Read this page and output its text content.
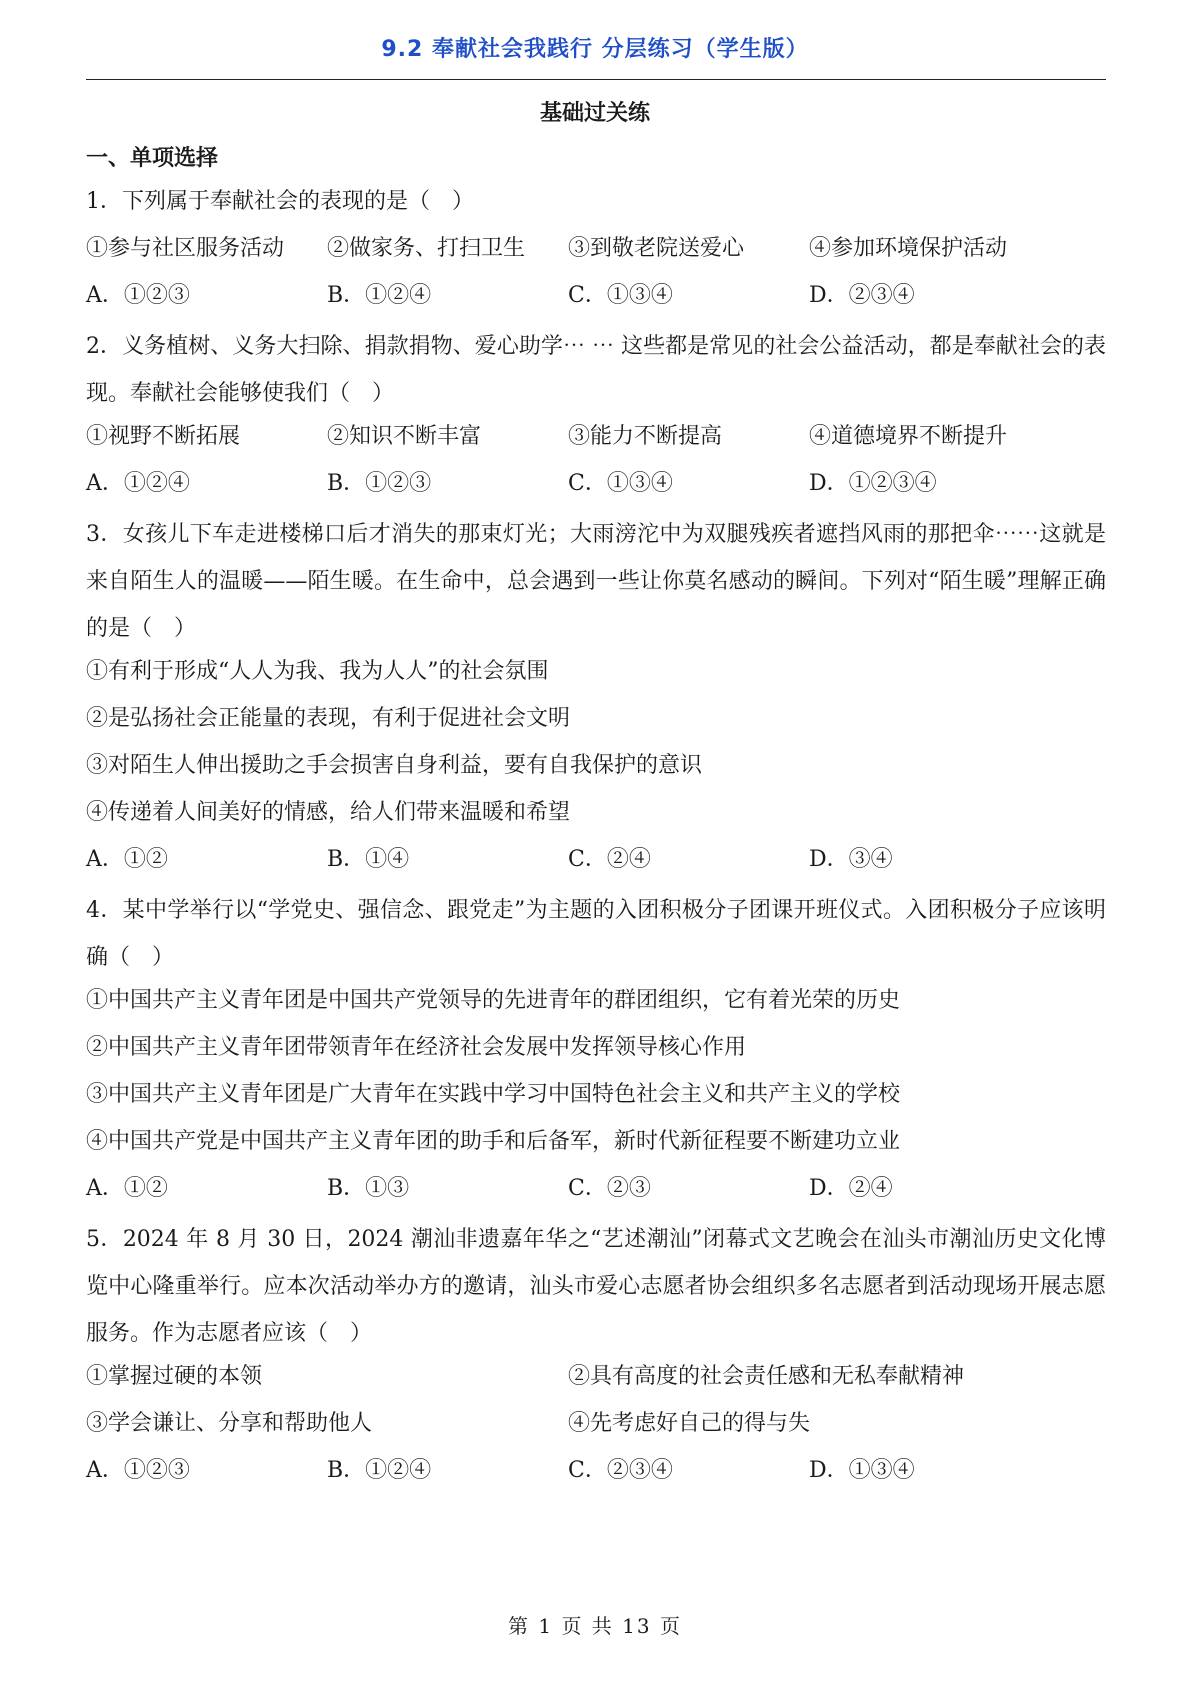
9.2 奉献社会我践行 分层练习（学生版）
基础过关练
一、单项选择
1．下列属于奉献社会的表现的是（　）
①参与社区服务活动 ②做家务、打扫卫生 ③到敬老院送爱心	④参加环境保护活动
A．①②③	B．①②④	C．①③④	D．②③④
2．义务植树、义务大扫除、捐款捐物、爱心助学⋯ ⋯ 这些都是常见的社会公益活动，都是奉献社会的表现。奉献社会能够使我们（　）
①视野不断拓展	②知识不断丰富	③能力不断提高	④道德境界不断提升
A．①②④	B．①②③	C．①③④	D．①②③④
3．女孩儿下车走进楼梯口后才消失的那束灯光；大雨滂沱中为双腿残疾者遮挡风雨的那把伞⋯⋯这就是来自陌生人的温暖——陌生暖。在生命中，总会遇到一些让你莫名感动的瞬间。下列对“陌生暖”理解正确的是（　）
①有利于形成“人人为我、我为人人”的社会氛围
②是弘扬社会正能量的表现，有利于促进社会文明
③对陌生人伸出援助之手会损害自身利益，要有自我保护的意识
④传递着人间美好的情感，给人们带来温暖和希望
A．①②	B．①④	C．②④	D．③④
4．某中学举行以“学党史、强信念、跟党走”为主题的入团积极分子团课开班仪式。入团积极分子应该明确（　）
①中国共产主义青年团是中国共产党领导的先进青年的群团组织，它有着光荣的历史
②中国共产主义青年团带领青年在经济社会发展中发挥领导核心作用
③中国共产主义青年团是广大青年在实践中学习中国特色社会主义和共产主义的学校
④中国共产党是中国共产主义青年团的助手和后备军，新时代新征程要不断建功立业
A．①②	B．①③	C．②③	D．②④
5．2024 年 8 月 30 日，2024 潮汕非遗嘉年华之“艺述潮汕”闭幕式文艺晚会在汕头市潮汕历史文化博览中心隆重举行。应本次活动举办方的邀请，汕头市爱心志愿者协会组织多名志愿者到活动现场开展志愿服务。作为志愿者应该（　）
①掌握过硬的本领	②具有高度的社会责任感和无私奉献精神
③学会谦让、分享和帮助他人	④先考虑好自己的得与失
A．①②③	B．①②④	C．②③④	D．①③④
第 1 页 共 13 页
